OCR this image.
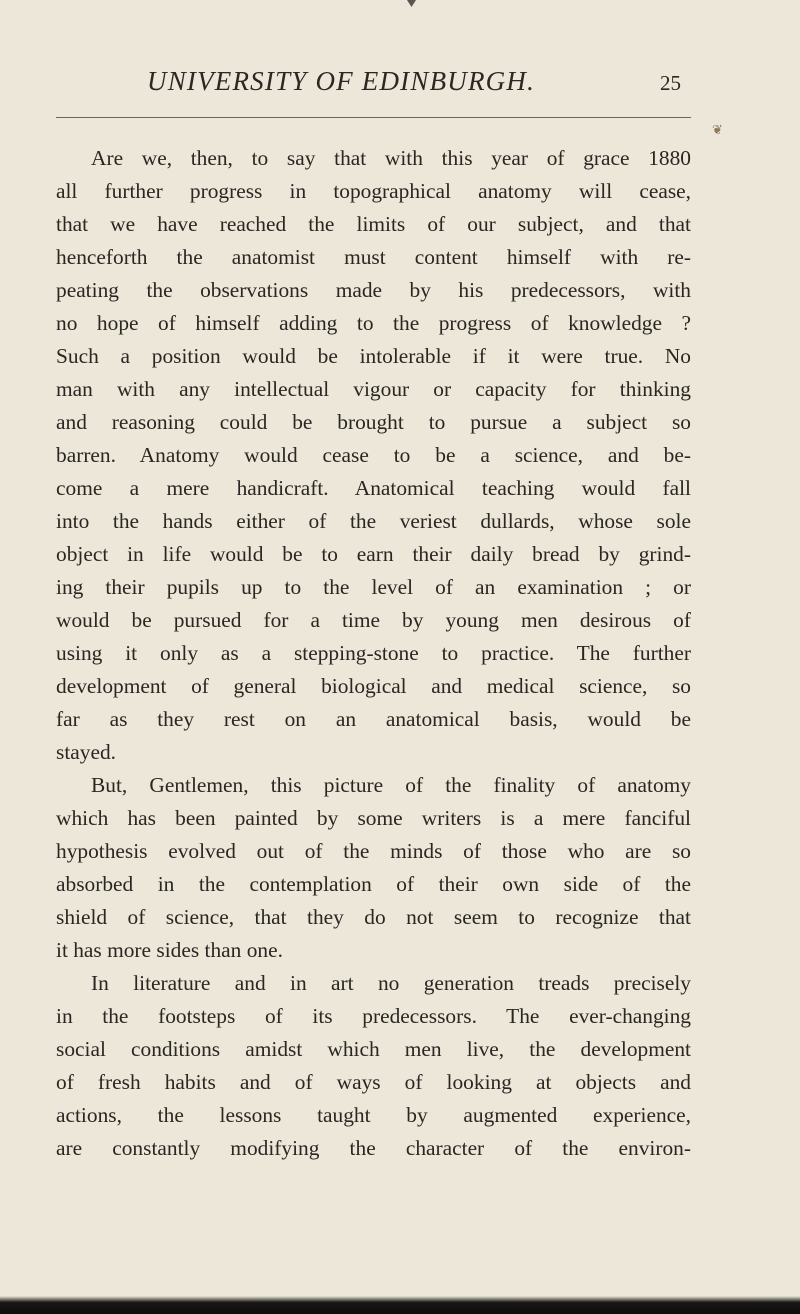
UNIVERSITY OF EDINBURGH.	25
❦
Are we, then, to say that with this year of grace 1880
all further progress in topographical anatomy will cease,
that we have reached the limits of our subject, and that
henceforth the anatomist must content himself with re-
peating the observations made by his predecessors, with
no hope of himself adding to the progress of knowledge ?
Such a position would be intolerable if it were true. No
man with any intellectual vigour or capacity for thinking
and reasoning could be brought to pursue a subject so
barren. Anatomy would cease to be a science, and be-
come a mere handicraft. Anatomical teaching would fall
into the hands either of the veriest dullards, whose sole
object in life would be to earn their daily bread by grind-
ing their pupils up to the level of an examination ; or
would be pursued for a time by young men desirous of
using it only as a stepping-stone to practice. The further
development of general biological and medical science, so
far as they rest on an anatomical basis, would be
stayed.
But, Gentlemen, this picture of the finality of anatomy
which has been painted by some writers is a mere fanciful
hypothesis evolved out of the minds of those who are so
absorbed in the contemplation of their own side of the
shield of science, that they do not seem to recognize that
it has more sides than one.
In literature and in art no generation treads precisely
in the footsteps of its predecessors. The ever-changing
social conditions amidst which men live, the development
of fresh habits and of ways of looking at objects and
actions, the lessons taught by augmented experience,
are constantly modifying the character of the environ-
